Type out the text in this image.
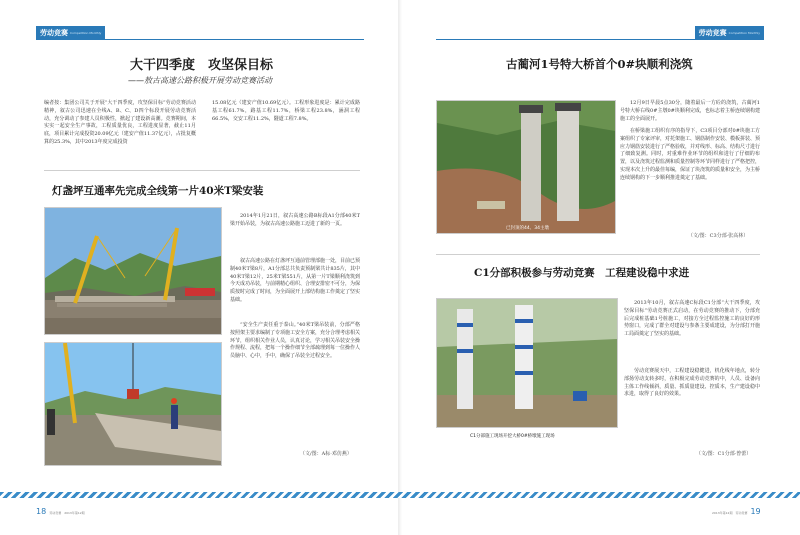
劳动竞赛 Competition Monthly
大干四季度　攻坚保目标
——敖古高速公路积极开展劳动竞赛活动

编者按：集团公司关于开展“大干四季度，攻坚保目标”劳动竞赛活动精神，叙古公司迅速在全线A、B、C、D四个标段开展劳动竞赛活动，充分调动了参建人员积极性，掀起了建设新高潮。竞赛期间，本实实一起安全生产事故，工程质量优良，工程进度显著，截止11月底，项目累计完成投资20.09亿元（建安产值11.37亿元），占批复概算的25.3%，其中2013年度完成投资

15.08亿元（建安产值10.69亿元）。工程形象进度是：累计完成路基工程61.7%，路基工程11.7%，桥梁工程23.8%，涵洞工程66.5%，交安工程11.2%，隧道工程7.8%。

灯盏坪互通率先完成全线第一片40米T梁安装

2014年1月21日，叙古高速公路B标段A1分部40米T梁开始吊装，为叙古高速公路施工迈进了新的一页。

叙古高速公路在灯盏坪互通前管理部施一处，目前已预制40米T梁8片，A1分部总共负责预制梁共计835片，其中40米T梁12片，25米T梁551片，从第一片T梁顺利浇筑到今天成功吊装，与前期精心组织、合理安排密不可分，为保质按时完成了时间，为全面展开上部结构施工作奠定了坚实基础。

“安全生产责任重于泰山。”40米T梁吊装前，分部严格按照架主要求编制了专项施工安全方案，充分合理考虑相关环节，组织相关作业人员，认真讨论，学习相关吊装安全操作规程、流程，把每一个操作细节全部疏理到每一位操作人员脑中、心中，手中，确保了吊装全过程安全。

（文/图：A标·邓仿燕）
劳动竞赛 Competition Monthly
古蔺河1号特大桥首个0#块顺利浇筑
已封顶的44、34主墩

12月9日早晨5点30分，随着最后一方砼的浇筑，古蔺河1号特大桥右线0#主墩0#块顺利完成，也标志着主桥连续钢构建施工的全面展开。

在桥梁施工组织有序的指导下，C3项目分部对0#块施工方案组织了专家评审，对托架施工、钢筋制作安装、模板拼装、预应力钢筋安装进行了严格验收，并对线形、标高、结构尺寸进行了细致复测。同时，对重难作业环节的组织和进行了仔细的布置，以及浇筑过程监测和质量控制等环节同样进行了严格把控，实现本次上升的最佳每编，保证了块浇筑的质量和安全，为主桥连续钢构的下一步顺利推进奠定了基础。

（文/图：C3分部·张高林）
C1分部积极参与劳动竞赛　工程建设稳中求进
C1分部施工现场开挖大桥0#桥墩施工现场

2013年10月，叙古高速C标段C1分部“大干四季度，攻坚保目标”劳动竞赛正式启动，在劳动竞赛的推动下，分部充后完成桩基础1号桩施工，对接方全过程监控施工的良好的形势窗口，完成了群全对建设与参条主要成建设，为分部打开施工局面奠定了坚实的基础。

劳动竞赛展天中，工程建设稳健进，机化线年地点，转分部扬劳动支转多时，在积极完成劳动竞赛的中，人员、设备向主体工作线倾斜，质量、抓质量建设、控质本，生产建设稳中求进，取得了良好的效果。

（文/图：C1分部·曾蕾）
18 劳动竞赛 2013年第12期	2013年第12期 劳动竞赛 19
